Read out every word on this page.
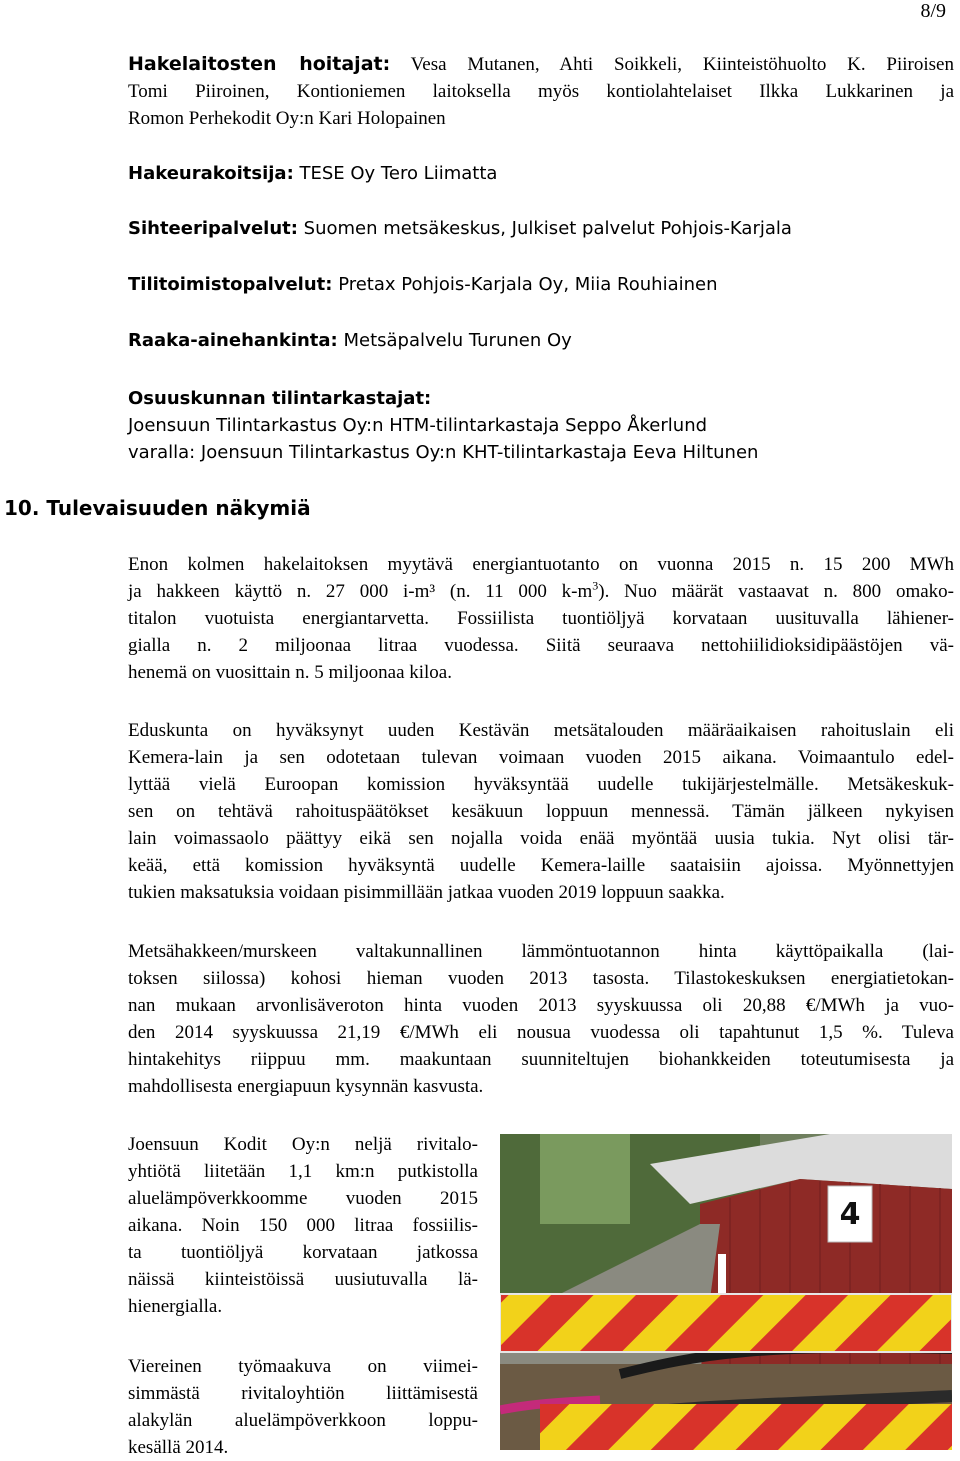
8/9

Hakelaitosten hoitajat: Vesa Mutanen, Ahti Soikkeli, Kiinteistöhuolto K. Piiroisen

Tomi Piiroinen, Kontioniemen laitoksella myös kontiolahtelaiset Ilkka Lukkarinen ja

Romon Perhekodit Oy:n Kari Holopainen

Hakeurakoitsija: TESE Oy Tero Liimatta
Sihteeripalvelut: Suomen metsäkeskus, Julkiset palvelut Pohjois-Karjala
Tilitoimistopalvelut: Pretax Pohjois-Karjala Oy, Miia Rouhiainen
Raaka-ainehankinta: Metsäpalvelu Turunen Oy
Osuuskunnan tilintarkastajat:
Joensuun Tilintarkastus Oy:n HTM-tilintarkastaja Seppo Åkerlund
varalla: Joensuun Tilintarkastus Oy:n KHT-tilintarkastaja Eeva Hiltunen
10. Tulevaisuuden näkymiä

Enon kolmen hakelaitoksen myytävä energiantuotanto on vuonna 2015 n. 15 200 MWh

ja hakkeen käyttö n. 27 000 i-m³ (n. 11 000 $k-m^3$). Nuo määrät vastaavat n. 800 omako-

titalon vuotuista energiantarvetta. Fossiilista tuontiöljyä korvataan uusituvalla lähiener-

gialla n. 2 miljoonaa litraa vuodessa. Siitä seuraava nettohiilidioksidipäästöjen vä-

henemä on vuosittain n. 5 miljoonaa kiloa.

Eduskunta on hyväksynyt uuden Kestävän metsätalouden määräaikaisen rahoituslain eli

Kemera-lain ja sen odotetaan tulevan voimaan vuoden 2015 aikana. Voimaantulo edel-

lyttää vielä Euroopan komission hyväksyntää uudelle tukijärjestelmälle. Metsäkeskuk-

sen on tehtävä rahoituspäätökset kesäkuun loppuun mennessä. Tämän jälkeen nykyisen

lain voimassaolo päättyy eikä sen nojalla voida enää myöntää uusia tukia. Nyt olisi tär-

keää, että komission hyväksyntä uudelle Kemera-laille saataisiin ajoissa. Myönnettyjen

tukien maksatuksia voidaan pisimmillään jatkaa vuoden 2019 loppuun saakka.

Metsähakkeen/murskeen valtakunnallinen lämmöntuotannon hinta käyttöpaikalla (lai-

toksen siilossa) kohosi hieman vuoden 2013 tasosta. Tilastokeskuksen energiatietokan-

nan mukaan arvonlisäveroton hinta vuoden 2013 syyskuussa oli 20,88 €/MWh ja vuo-

den 2014 syyskuussa 21,19 €/MWh eli nousua vuodessa oli tapahtunut 1,5 %. Tuleva

hintakehitys riippuu mm. maakuntaan suunniteltujen biohankkeiden toteutumisesta ja

mahdollisesta energiapuun kysynnän kasvusta.

Joensuun Kodit Oy:n neljä rivitalo-

yhtiötä liitetään 1,1 km:n putkistolla

aluelämpöverkkoomme vuoden 2015

aikana. Noin 150 000 litraa fossiilis-

ta tuontiöljyä korvataan jatkossa

näissä kiinteistöissä uusiutuvalla lä-

hienergialla.

Viereinen työmaakuva on viimei-

simmästä rivitaloyhtiön liittämisestä

alakylän aluelämpöverkkoon loppu-

kesällä 2014.

4
